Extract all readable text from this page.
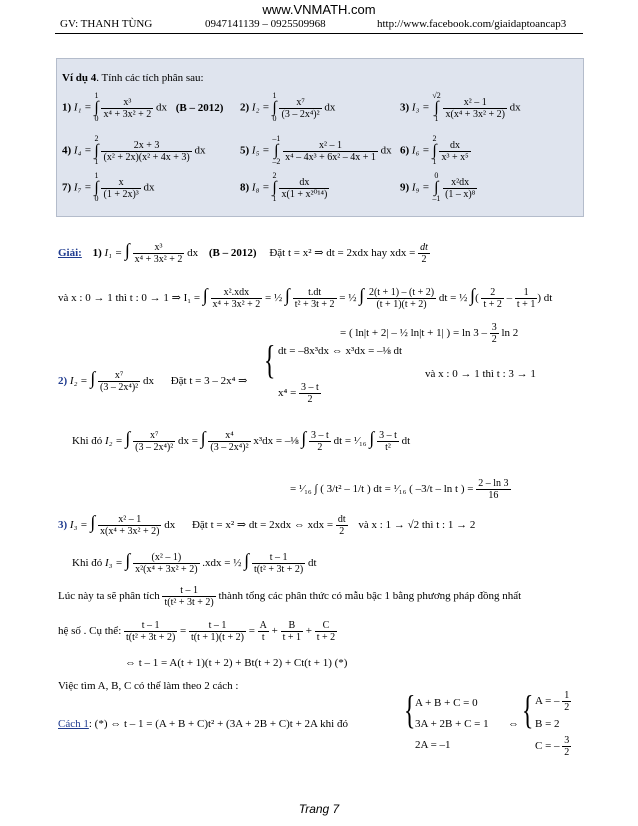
www.VNMATH.com
GV: THANH TÙNG	0947141139 – 0925509968	http://www.facebook.com/giaidaptoancap3
Ví dụ 4. Tính các tích phân sau:
1) I₁ =
1
∫
0
$\frac{\text{x³}}{\text{x⁴ + 3x² + 2}}$ dx (B – 2012) 2) I₂ =
1
∫
0
$\frac{\text{x⁷}}{\text{(3 – 2x⁴)²}}$ dx	3) I₃ =
√2
∫
1
$\frac{\text{x² – 1}}{\text{x(x⁴ + 3x² + 2)}}$ dx
4) I₄ =
2
∫
1
$\frac{2x + 3}{\text{(x² + 2x)(x² + 4x + 3)}}$ dx	5) I₅ =
–1
∫
–2
$\frac{\text{x² – 1}}{\text{x⁴ – 4x³ + 6x² – 4x + 1}}$ dx 6) I₆ =
2
∫
1
$\frac{dx}{\text{x³ + x⁵}}$
7) I₇ =
1
∫
0
$\frac{x}{\text{(1 + 2x)³}}$ dx	8) I₈ =
2
∫
1
$\frac{dx}{\text{x(1 + x²⁰¹⁴)}}$	9) I₉ =
0
∫
–1
$\frac{\text{x²dx}}{\text{(1 – x)⁸}}$
Giải: 1) I₁ = ∫ $\frac{\text{x³}}{\text{x⁴ + 3x² + 2}}$ dx (B – 2012) Đặt t = x² ⇒ dt = 2xdx hay xdx = $\frac{dt}{2}$
và x : 0 → 1 thì t : 0 → 1 ⇒ I₁ = ∫ $\frac{\text{x².xdx}}{\text{x⁴ + 3x² + 2}}$ = ½ ∫ $\frac{t.dt}{\text{t² + 3t + 2}}$ = ½ ∫ $\frac{2(t + 1) - (t + 2)}{(t + 1)(t + 2)}$ dt = ½ ∫( $\frac{2}{t + 2} - \frac{1}{t + 1}$ ) dt
= ( ln|t + 2| – ½ ln|t + 1| ) = $\ln 3 - \frac{3}{2}$ ln 2
2) I₂ = ∫ $\frac{\text{x⁷}}{\text{(3 – 2x⁴)²}}$ dx Đặt t = 3 – 2x⁴ ⇒ { dt = –8x³dx ⇔ x³dx = –⅛ dt
$x^4 = \frac{3 - t}{2}$
và x : 0 → 1 thì t : 3 → 1
Khi đó I₂ = ∫ $\frac{\text{x⁷}}{\text{(3 – 2x⁴)²}}$ dx = ∫ $\frac{\text{x⁴}}{\text{(3 – 2x⁴)²}} x^3dx$ = –⅛ ∫ $\frac{3 - t}{2}$ dt = ¹⁄₁₆ ∫ $\frac{3 - t}{\text{t²}}$ dt
= ¹⁄₁₆ ∫ ( 3/t² – 1/t ) dt = ¹⁄₁₆ ( –3/t – ln t ) = $\frac{2 - \ln 3}{16}$
3) I₃ = ∫ $\frac{\text{x² – 1}}{\text{x(x⁴ + 3x² + 2)}}$ dx Đặt t = x² ⇒ dt = 2xdx ⇔ xdx = $\frac{dt}{2}$ và x : 1 → √2 thì t : 1 → 2
Khi đó I₃ = ∫ $\frac{\text{(x² – 1)}}{\text{x²(x⁴ + 3x² + 2)}} .xdx$ = ½ ∫ $\frac{t - 1}{\text{t(t² + 3t + 2)}}$ dt
Lúc này ta sẽ phân tích $\frac{t - 1}{\text{t(t² + 3t + 2)}}$ thành tổng các phân thức có mẫu bậc 1 bằng phương pháp đồng nhất
hệ số . Cụ thể: $\frac{t - 1}{\text{t(t² + 3t + 2)}} = \frac{t - 1}{t(t + 1)(t + 2)} = \frac{A}{t} + \frac{B}{t + 1} + \frac{C}{t + 2}$
⇔ t – 1 = A(t + 1)(t + 2) + Bt(t + 2) + Ct(t + 1) (*)
Việc tìm A, B, C có thể làm theo 2 cách :
Cách 1: (*) ⇔ t – 1 = (A + B + C)t² + (3A + 2B + C)t + 2A khi đó { A + B + C = 0
3A + 2B + C = 1
2A = –1
⇔ { A = – $\frac{1}{2}$
B = 2
C = – $\frac{3}{2}$
Trang 7
